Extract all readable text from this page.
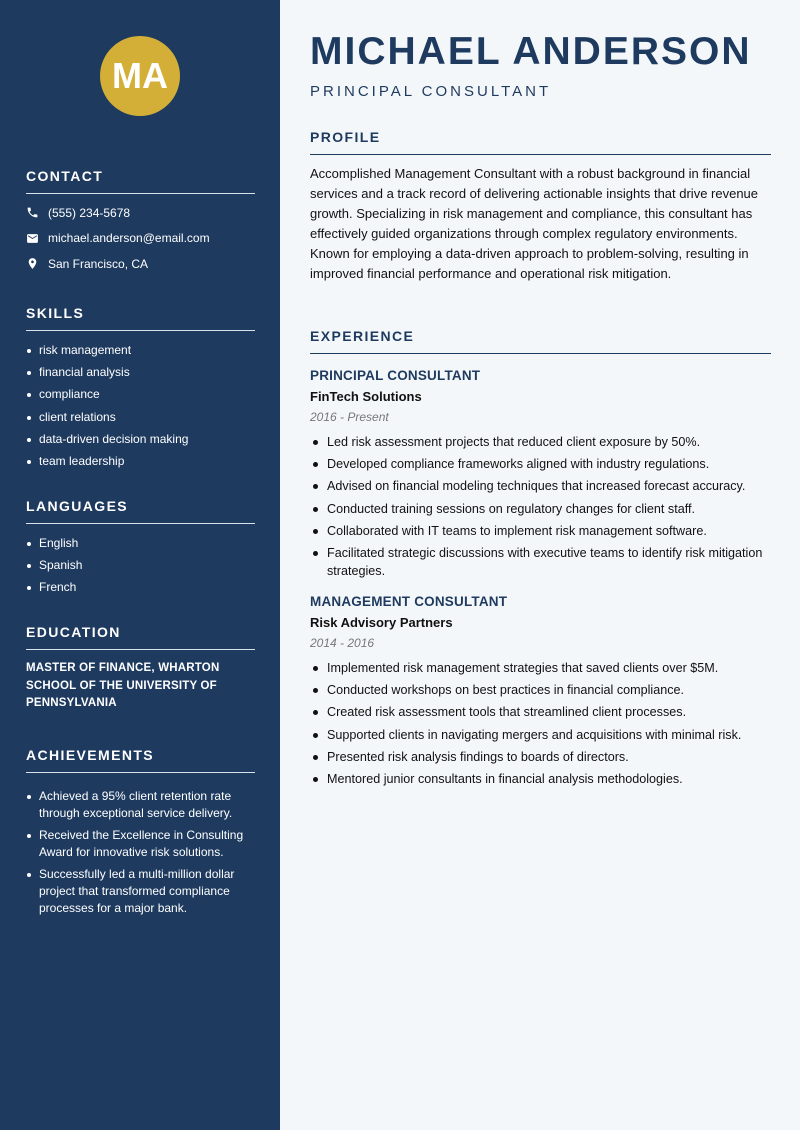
MA
CONTACT
(555) 234-5678
michael.anderson@email.com
San Francisco, CA
SKILLS
risk management
financial analysis
compliance
client relations
data-driven decision making
team leadership
LANGUAGES
English
Spanish
French
EDUCATION
MASTER OF FINANCE, WHARTON SCHOOL OF THE UNIVERSITY OF PENNSYLVANIA
ACHIEVEMENTS
Achieved a 95% client retention rate through exceptional service delivery.
Received the Excellence in Consulting Award for innovative risk solutions.
Successfully led a multi-million dollar project that transformed compliance processes for a major bank.
MICHAEL ANDERSON
PRINCIPAL CONSULTANT
PROFILE

Accomplished Management Consultant with a robust background in financial services and a track record of delivering actionable insights that drive revenue growth. Specializing in risk management and compliance, this consultant has effectively guided organizations through complex regulatory environments. Known for employing a data-driven approach to problem-solving, resulting in improved financial performance and operational risk mitigation.

EXPERIENCE
PRINCIPAL CONSULTANT
FinTech Solutions
2016 - Present
Led risk assessment projects that reduced client exposure by 50%.
Developed compliance frameworks aligned with industry regulations.
Advised on financial modeling techniques that increased forecast accuracy.
Conducted training sessions on regulatory changes for client staff.
Collaborated with IT teams to implement risk management software.
Facilitated strategic discussions with executive teams to identify risk mitigation strategies.
MANAGEMENT CONSULTANT
Risk Advisory Partners
2014 - 2016
Implemented risk management strategies that saved clients over $5M.
Conducted workshops on best practices in financial compliance.
Created risk assessment tools that streamlined client processes.
Supported clients in navigating mergers and acquisitions with minimal risk.
Presented risk analysis findings to boards of directors.
Mentored junior consultants in financial analysis methodologies.
